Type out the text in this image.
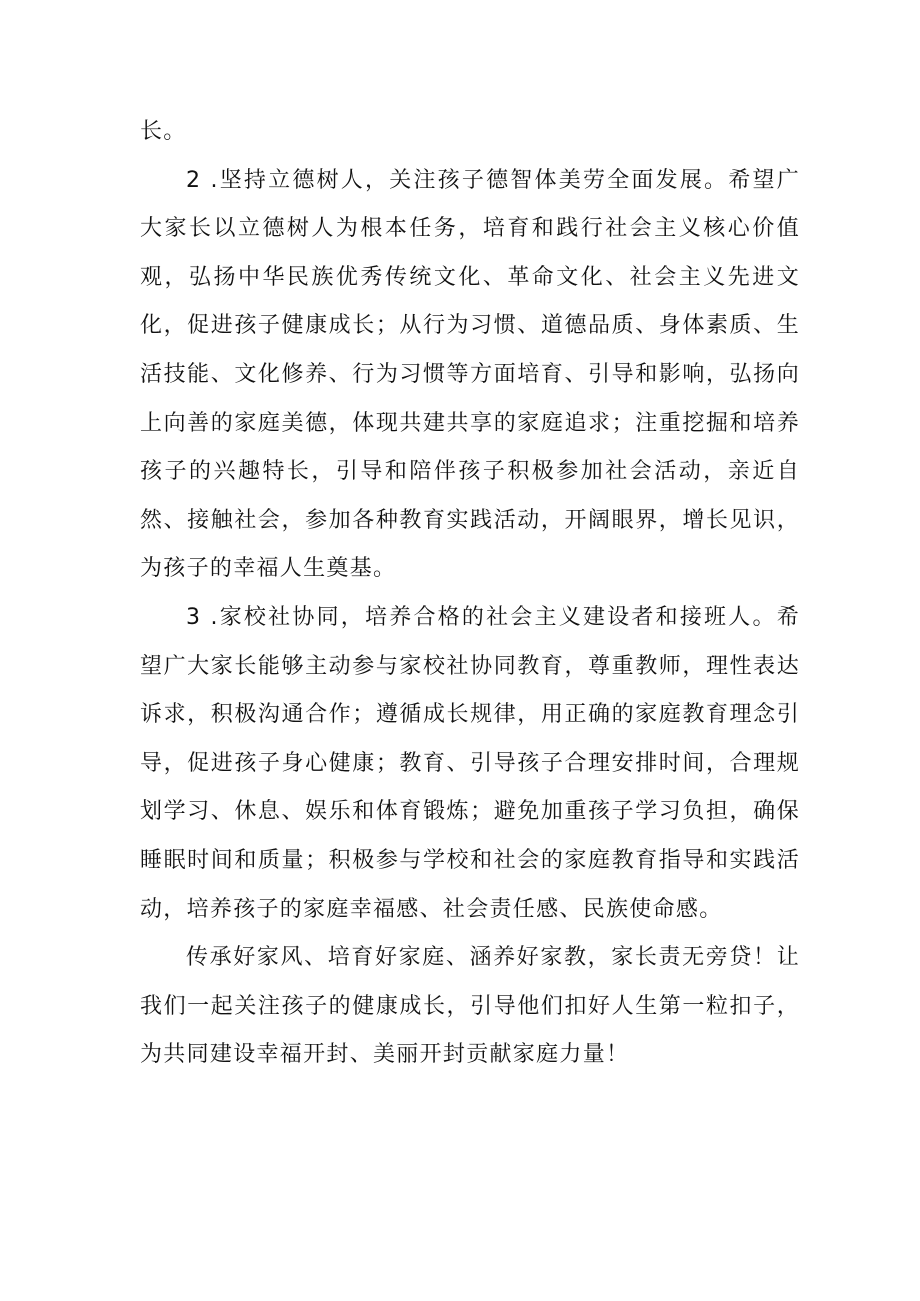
长。

2 .坚持立德树人，关注孩子德智体美劳全面发展。希望广大家长以立德树人为根本任务，培育和践行社会主义核心价值观，弘扬中华民族优秀传统文化、革命文化、社会主义先进文化，促进孩子健康成长；从行为习惯、道德品质、身体素质、生活技能、文化修养、行为习惯等方面培育、引导和影响，弘扬向上向善的家庭美德，体现共建共享的家庭追求；注重挖掘和培养孩子的兴趣特长，引导和陪伴孩子积极参加社会活动，亲近自然、接触社会，参加各种教育实践活动，开阔眼界，增长见识，为孩子的幸福人生奠基。

3 .家校社协同，培养合格的社会主义建设者和接班人。希望广大家长能够主动参与家校社协同教育，尊重教师，理性表达诉求，积极沟通合作；遵循成长规律，用正确的家庭教育理念引导，促进孩子身心健康；教育、引导孩子合理安排时间，合理规划学习、休息、娱乐和体育锻炼；避免加重孩子学习负担，确保睡眠时间和质量；积极参与学校和社会的家庭教育指导和实践活动，培养孩子的家庭幸福感、社会责任感、民族使命感。

传承好家风、培育好家庭、涵养好家教，家长责无旁贷！让我们一起关注孩子的健康成长，引导他们扣好人生第一粒扣子，为共同建设幸福开封、美丽开封贡献家庭力量！
